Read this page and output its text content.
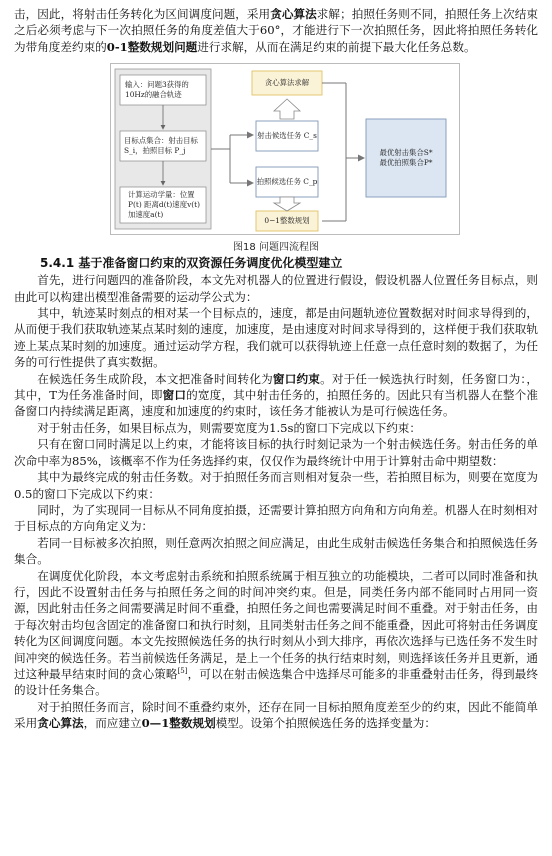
击，因此，将射击任务转化为区间调度问题，采用贪心算法求解；拍照任务则不同，拍照任务上次结束之后必须考虑与下一次拍照任务的角度差值大于60°，才能进行下一次拍照任务，因此将拍照任务转化为带角度差约束的0-1整数规划问题进行求解，从而在满足约束的前提下最大化任务总数。

输入：问题3获得的10Hz的融合轨迹
目标点集合：射击目标 S_i，拍照目标 P_j
计算运动学量：位置P(t) 距离d(t)速度v(t) 加速度a(t)
贪心算法求解
射击候选任务 C_s
拍照候选任务 C_p
0−1整数规划
最优射击集合S*
最优拍照集合P*
图18 问题四流程图
5.4.1 基于准备窗口约束的双资源任务调度优化模型建立

首先，进行问题四的准备阶段，本文先对机器人的位置进行假设，假设机器人位置任务目标点，则由此可以构建出模型准备需要的运动学公式为：

其中，轨迹某时刻点的相对某一个目标点的，速度，都是由问题轨迹位置数据对时间求导得到的，从而便于我们获取轨迹某点某时刻的速度，加速度，是由速度对时间求导得到的，这样便于我们获取轨迹上某点某时刻的加速度。通过运动学方程，我们就可以获得轨迹上任意一点任意时刻的数据了，为任务的可行性提供了真实数据。

在候选任务生成阶段，本文把准备时间转化为窗口约束。对于任一候选执行时刻，任务窗口为：，其中，T为任务准备时间，即窗口的宽度，其中射击任务的，拍照任务的。因此只有当机器人在整个准备窗口内持续满足距离，速度和加速度的约束时，该任务才能被认为是可行候选任务。

对于射击任务，如果目标点为，则需要宽度为1.5s的窗口下完成以下约束：

只有在窗口同时满足以上约束，才能将该目标的执行时刻记录为一个射击候选任务。射击任务的单次命中率为85%，该概率不作为任务选择约束，仅仅作为最终统计中用于计算射击命中期望数：

其中为最终完成的射击任务数。对于拍照任务而言则相对复杂一些，若拍照目标为，则要在宽度为0.5的窗口下完成以下约束：

同时，为了实现同一目标从不同角度拍摄，还需要计算拍照方向角和方向角差。机器人在时刻相对于目标点的方向角定义为：

若同一目标被多次拍照，则任意两次拍照之间应满足，由此生成射击候选任务集合和拍照候选任务集合。

在调度优化阶段，本文考虑射击系统和拍照系统属于相互独立的功能模块，二者可以同时准备和执行，因此不设置射击任务与拍照任务之间的时间冲突约束。但是，同类任务内部不能同时占用同一资源，因此射击任务之间需要满足时间不重叠，拍照任务之间也需要满足时间不重叠。对于射击任务，由于每次射击均包含固定的准备窗口和执行时刻，且同类射击任务之间不能重叠，因此可将射击任务调度转化为区间调度问题。本文先按照候选任务的执行时刻从小到大排序，再依次选择与已选任务不发生时间冲突的候选任务。若当前候选任务满足，是上一个任务的执行结束时刻，则选择该任务并且更新，通过这种最早结束时间的贪心策略[5]，可以在射击候选集合中选择尽可能多的非重叠射击任务，得到最终的设计任务集合。

对于拍照任务而言，除时间不重叠约束外，还存在同一目标拍照角度差至少的约束，因此不能简单采用贪心算法，而应建立0—1整数规划模型。设第个拍照候选任务的选择变量为：
